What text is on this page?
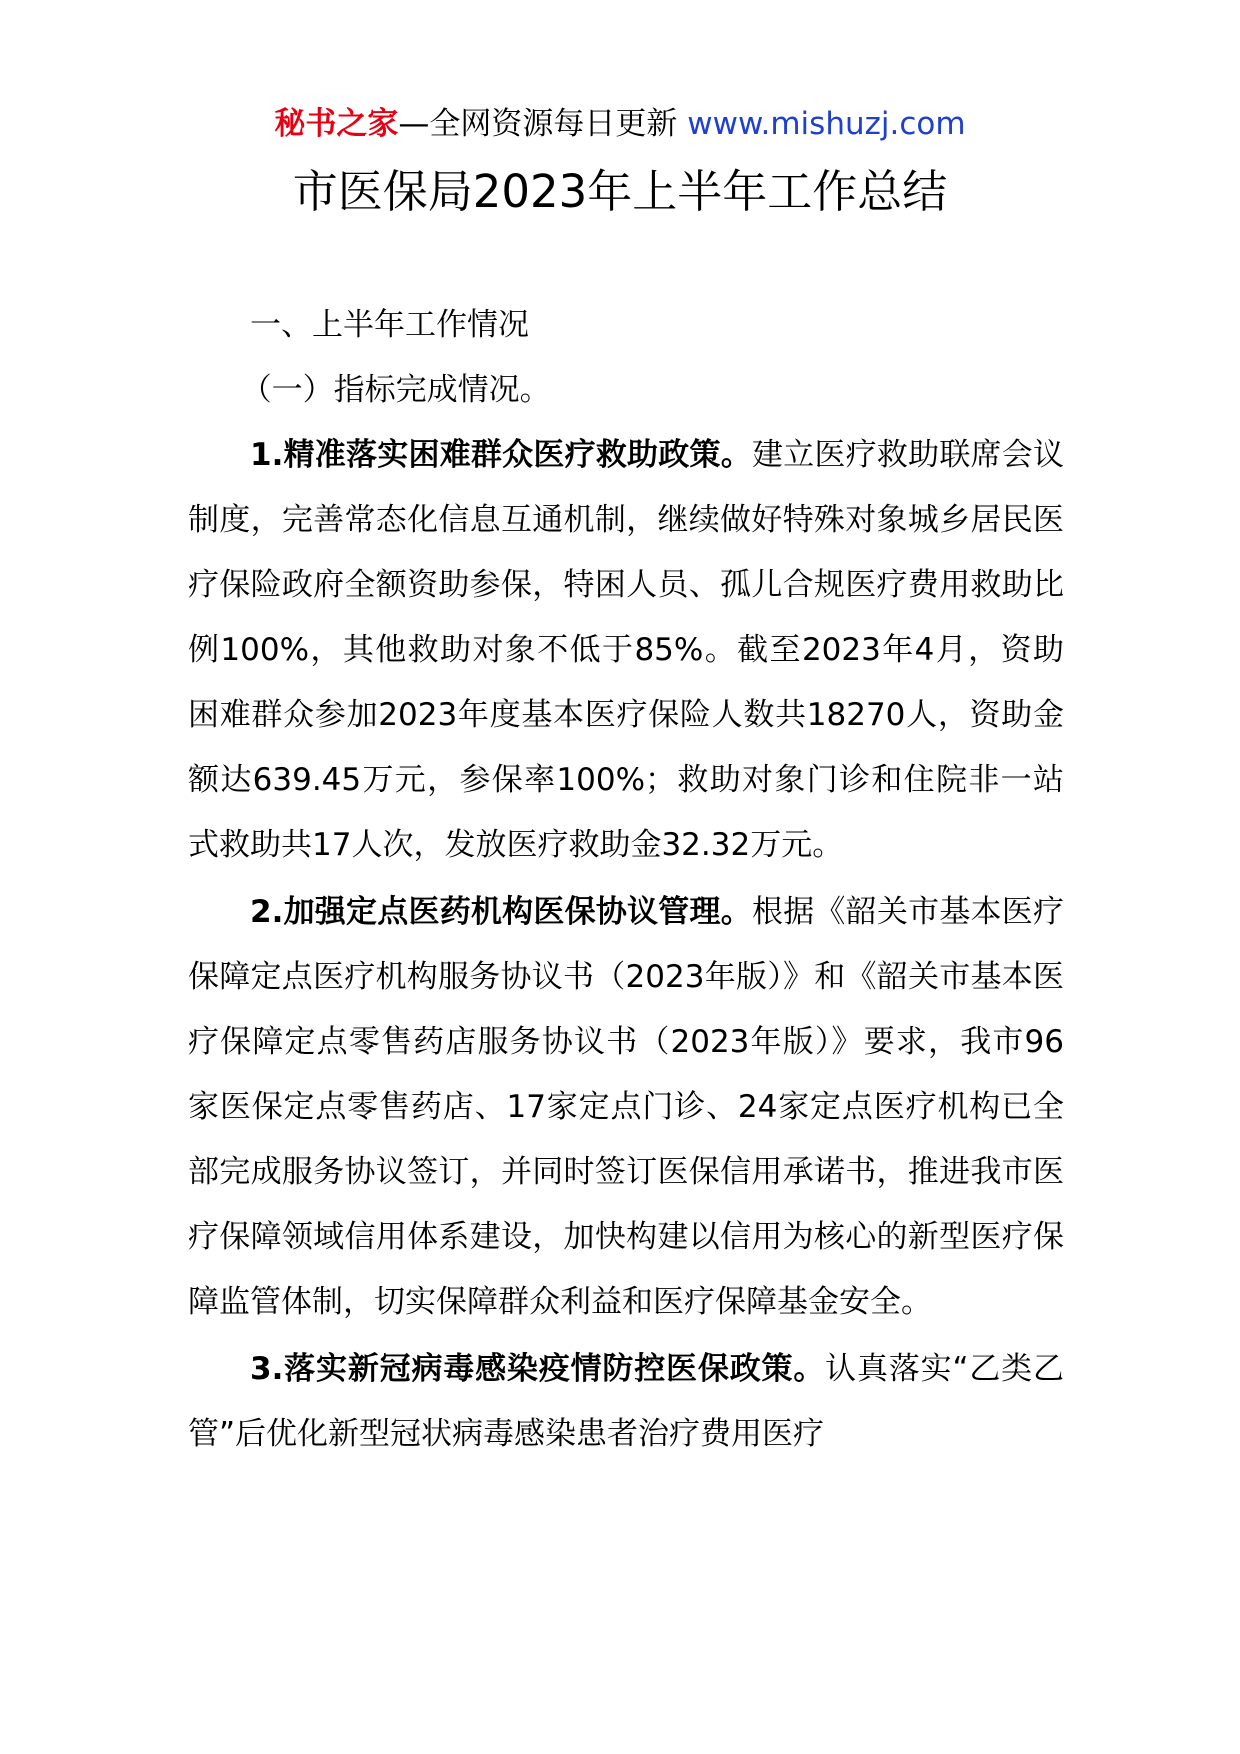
秘书之家—全网资源每日更新 www.mishuzj.com
市医保局2023年上半年工作总结

一、上半年工作情况

（一）指标完成情况。

1.精准落实困难群众医疗救助政策。建立医疗救助联席会议制度，完善常态化信息互通机制，继续做好特殊对象城乡居民医疗保险政府全额资助参保，特困人员、孤儿合规医疗费用救助比例100%，其他救助对象不低于85%。截至2023年4月，资助困难群众参加2023年度基本医疗保险人数共18270人，资助金额达639.45万元，参保率100%；救助对象门诊和住院非一站式救助共17人次，发放医疗救助金32.32万元。

2.加强定点医药机构医保协议管理。根据《韶关市基本医疗保障定点医疗机构服务协议书（2023年版）》和《韶关市基本医疗保障定点零售药店服务协议书（2023年版）》要求，我市96家医保定点零售药店、17家定点门诊、24家定点医疗机构已全部完成服务协议签订，并同时签订医保信用承诺书，推进我市医疗保障领域信用体系建设，加快构建以信用为核心的新型医疗保障监管体制，切实保障群众利益和医疗保障基金安全。

3.落实新冠病毒感染疫情防控医保政策。认真落实“乙类乙管”后优化新型冠状病毒感染患者治疗费用医疗
